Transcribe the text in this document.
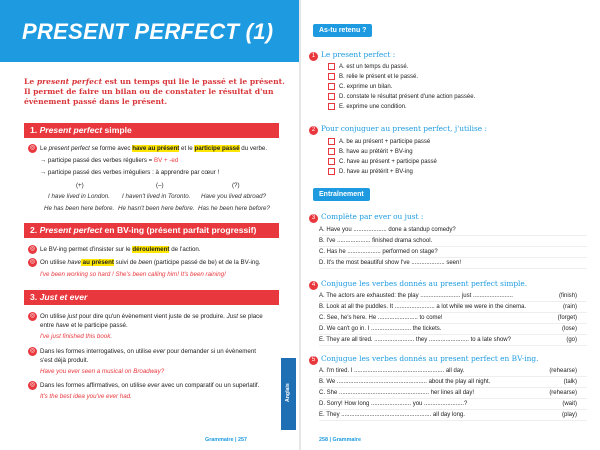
PRESENT PERFECT (1)
Le present perfect est un temps qui lie le passé et le présent. Il permet de faire un bilan ou de constater le résultat d'un évènement passé dans le présent.
1. Present perfect simple
◎ Le present perfect se forme avec have au présent et le participe passé du verbe.
→ participe passé des verbes réguliers = BV + -ed
→ participe passé des verbes irréguliers : à apprendre par cœur !
(+)	(–)	(?)
I have lived in London. I haven't lived in Toronto. Have you lived abroad?
He has been here before. He hasn't been here before. Has he been here before?
2. Present perfect en BV-ing (présent parfait progressif)
◎ Le BV-ing permet d'insister sur le déroulement de l'action.
◎ On utilise have au présent suivi de been (participe passé de be) et de la BV-ing.
I've been working so hard ! She's been calling him! It's been raining!
3. Just et ever
◎ On utilise just pour dire qu'un évènement vient juste de se produire. Just se place
entre have et le participe passé.
I've just finished this book.
◎ Dans les formes interrogatives, on utilise ever pour demander si un évènement
s'est déjà produit.
Have you ever seen a musical on Broadway?
◎ Dans les formes affirmatives, on utilise ever avec un comparatif ou un superlatif.
It's the best idea you've ever had.	Anglais
Grammaire | 257
As-tu retenu ?
1 Le present perfect :
A. est un temps du passé.
B. relie le présent et le passé.
C. exprime un bilan.
D. constate le résultat présent d'une action passée.
E. exprime une condition.
2 Pour conjuguer au present perfect, j'utilise :
A. be au présent + participe passé
B. have au prétérit + BV-ing
C. have au présent + participe passé
D. have au prétérit + BV-ing
Entraînement
3 Complète par ever ou just :
A. Have you .................... done a standup comedy?
B. I've .................... finished drama school.
C. Has he .................... performed on stage?
D. It's the most beautiful show I've .................... seen!
4 Conjugue les verbes donnés au present perfect simple.
A. The actors are exhausted: the play ........................ just ........................	(finish)
B. Look at all the puddles. It ........................ a lot while we were in the cinema.	(rain)
C. See, he's here. He ........................ to come!	(forget)
D. We can't go in. I ........................ the tickets.	(lose)
E. They are all tired. ........................ they ........................ to a late show?	(go)
5 Conjugue les verbes donnés au present perfect en BV-ing.
A. I'm tired. I ...................................................... all day.	(rehearse)
B. We ...................................................... about the play all night.	(talk)
C. She ...................................................... her lines all day!	(rehearse)
D. Sorry! How long ........................ you ........................?	(wait)
E. They ...................................................... all day long.	(play)
258 | Grammaire
